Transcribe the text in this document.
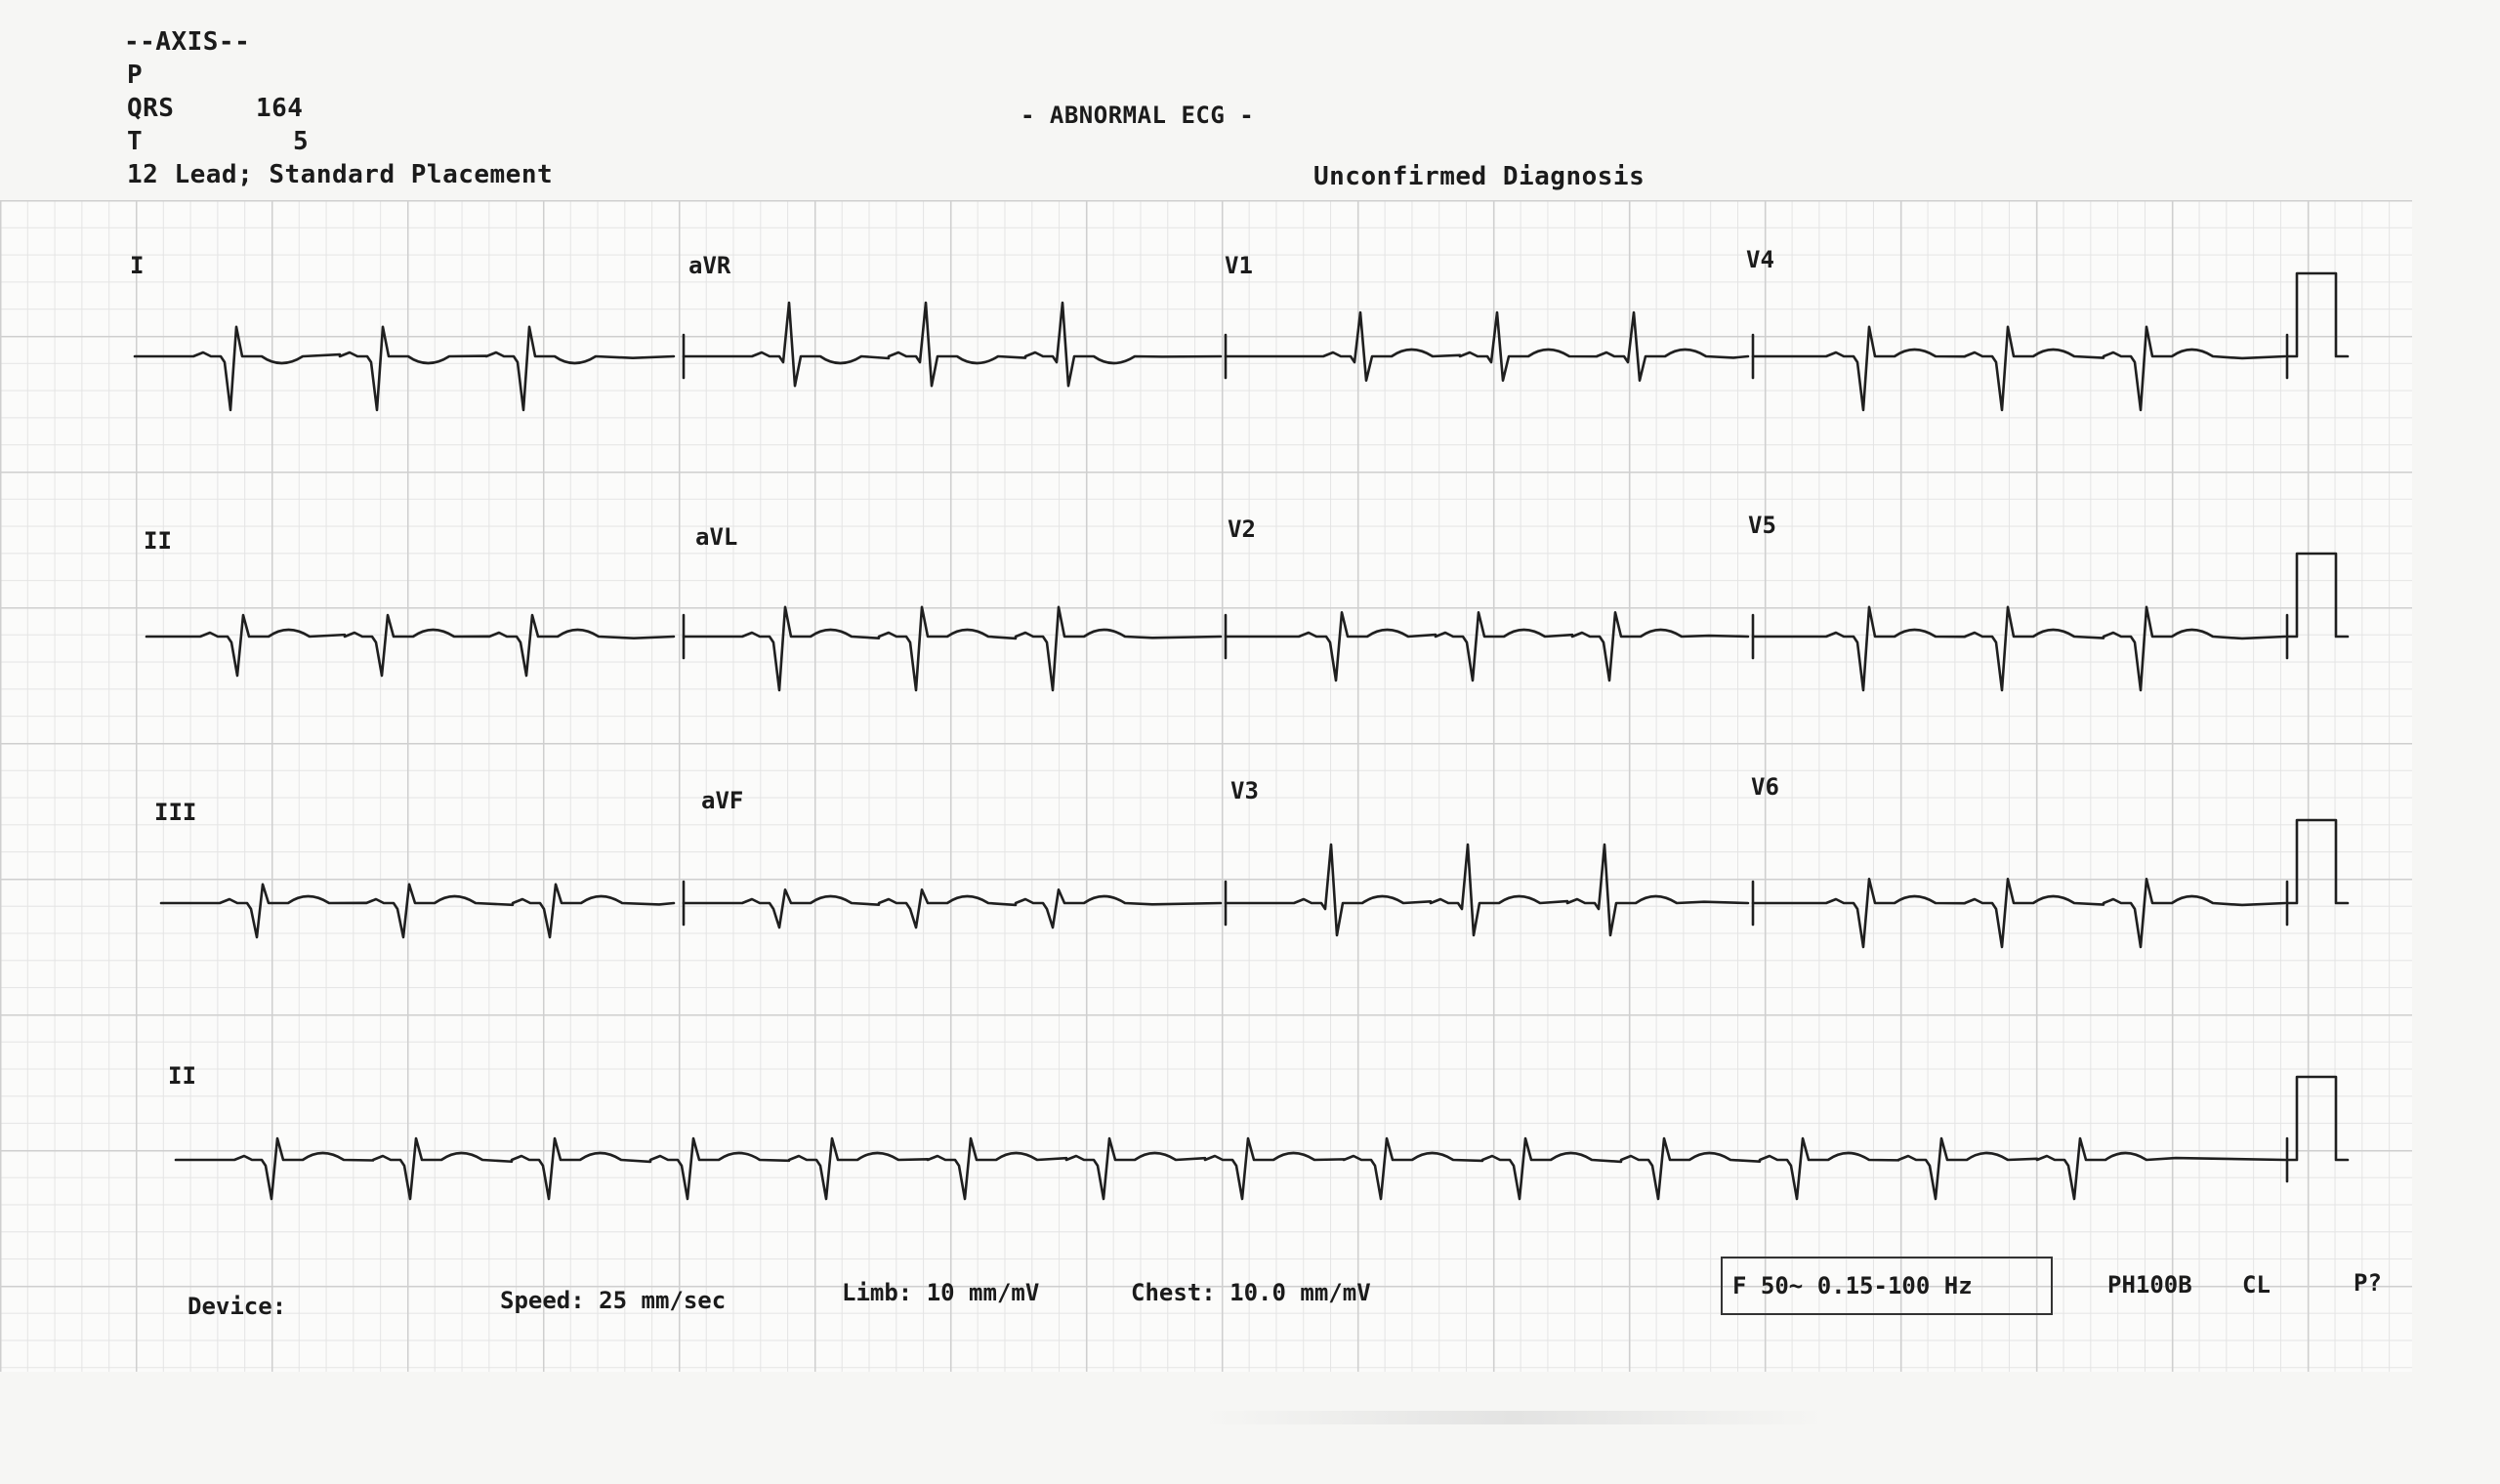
--AXIS--
P
QRS	164
T	5
12 Lead; Standard Placement
- ABNORMAL ECG -
Unconfirmed Diagnosis
I	aVR	V1	V4
II	aVL	V2	V5
III	aVF	V3	V6
II
Device:	Speed: 25 mm/sec	Limb: 10 mm/mV	Chest: 10.0 mm/mV	F 50~ 0.15-100 Hz	PH100B CL	P?
